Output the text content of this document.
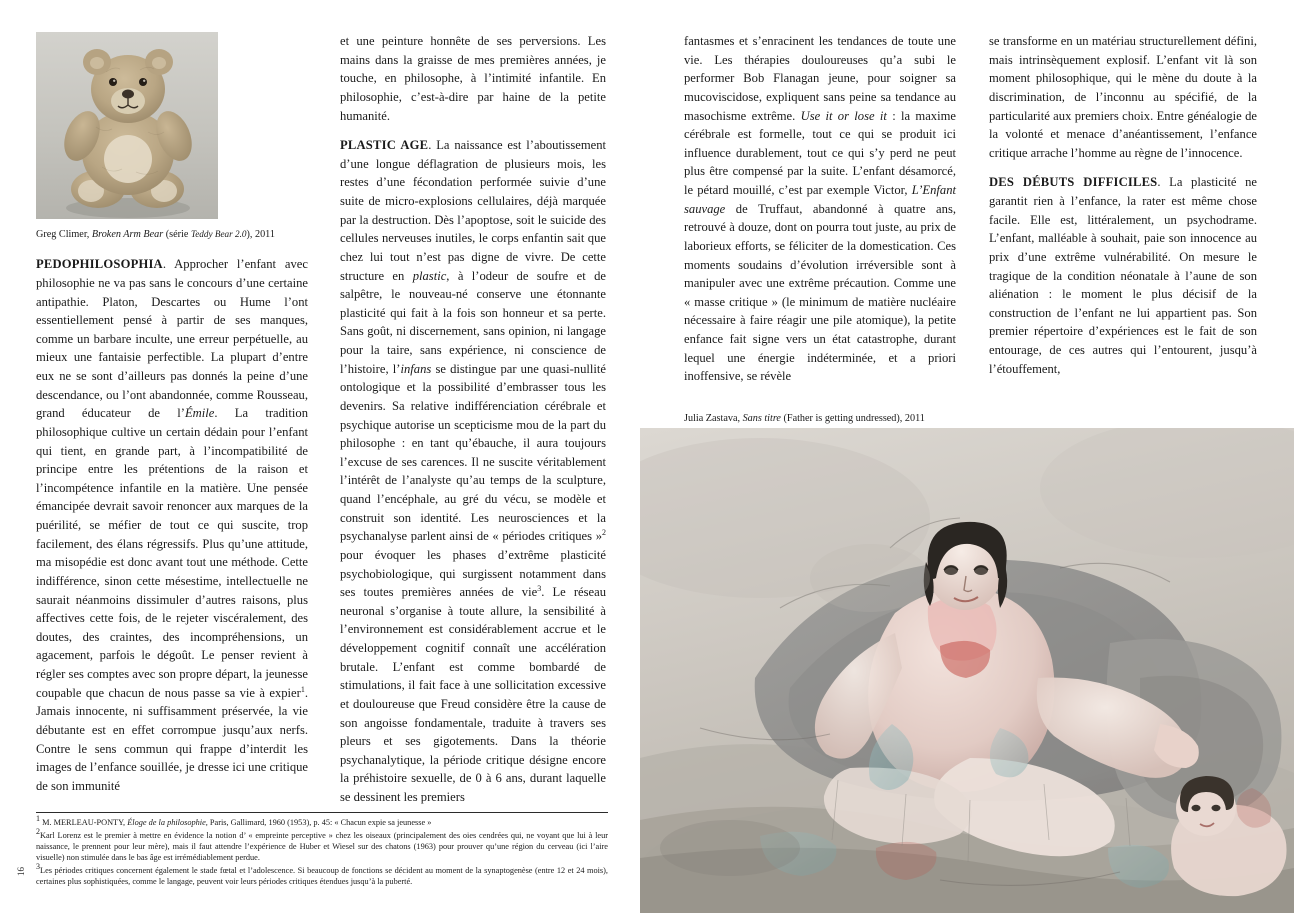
Greg Climer, Broken Arm Bear (série Teddy Bear 2.0), 2011

PEDOPHILOSOPHIA. Approcher l’enfant avec philosophie ne va pas sans le concours d’une certaine antipathie. Platon, Descartes ou Hume l’ont essentiellement pensé à partir de ses manques, comme un barbare inculte, une erreur perpétuelle, au mieux une fantaisie perfectible. La plupart d’entre eux ne se sont d’ailleurs pas donnés la peine d’une descendance, ou l’ont abandonnée, comme Rousseau, grand éducateur de l’Émile. La tradition philosophique cultive un certain dédain pour l’enfant qui tient, en grande part, à l’incompatibilité de principe entre les prétentions de la raison et l’incompétence infantile en la matière. Une pensée émancipée devrait savoir renoncer aux marques de la puérilité, se méfier de tout ce qui suscite, trop facilement, des élans régressifs. Plus qu’une attitude, ma misopédie est donc avant tout une méthode. Cette indifférence, sinon cette mésestime, intellectuelle ne saurait néanmoins dissimuler d’autres raisons, plus affectives cette fois, de le rejeter viscéralement, des doutes, des craintes, des incompréhensions, un agacement, parfois le dégoût. Le penser revient à régler ses comptes avec son propre départ, la jeunesse coupable que chacun de nous passe sa vie à expier$^1$. Jamais innocente, ni suffisamment préservée, la vie débutante est en effet corrompue jusqu’aux nerfs. Contre le sens commun qui frappe d’interdit les images de l’enfance souillée, je dresse ici une critique de son immunité

et une peinture honnête de ses perversions. Les mains dans la graisse de mes premières années, je touche, en philosophe, à l’intimité infantile. En philosophie, c’est-à-dire par haine de la petite humanité.

PLASTIC AGE. La naissance est l’aboutissement d’une longue déflagration de plusieurs mois, les restes d’une fécondation performée suivie d’une suite de micro-explosions cellulaires, déjà marquée par la destruction. Dès l’apoptose, soit le suicide des cellules nerveuses inutiles, le corps enfantin sait que chez lui tout n’est pas digne de vivre. De cette structure en plastic, à l’odeur de soufre et de salpêtre, le nouveau-né conserve une étonnante plasticité qui fait à la fois son honneur et sa perte. Sans goût, ni discernement, sans opinion, ni langage pour la taire, sans expérience, ni conscience de l’histoire, l’infans se distingue par une quasi-nullité ontologique et la possibilité d’embrasser tous les devenirs. Sa relative indifférenciation cérébrale et psychique autorise un scepticisme mou de la part du philosophe : en tant qu’ébauche, il aura toujours l’excuse de ses carences. Il ne suscite véritablement l’intérêt de l’analyste qu’au temps de la sculpture, quand l’encéphale, au gré du vécu, se modèle et construit son identité. Les neurosciences et la psychanalyse parlent ainsi de « périodes critiques »$^2$ pour évoquer les phases d’extrême plasticité psychobiologique, qui surgissent notamment dans ses toutes premières années de vie$^3$. Le réseau neuronal s’organise à toute allure, la sensibilité à l’environnement est considérablement accrue et le développement cognitif connaît une accélération brutale. L’enfant est comme bombardé de stimulations, il fait face à une sollicitation excessive et douloureuse que Freud considère être la cause de son angoisse fondamentale, traduite à travers ses pleurs et ses gigotements. Dans la théorie psychanalytique, la période critique désigne encore la préhistoire sexuelle, de 0 à 6 ans, durant laquelle se dessinent les premiers

fantasmes et s’enracinent les tendances de toute une vie. Les thérapies douloureuses qu’a subi le performer Bob Flanagan jeune, pour soigner sa mucoviscidose, expliquent sans peine sa tendance au masochisme extrême. Use it or lose it : la maxime cérébrale est formelle, tout ce qui se produit ici influence durablement, tout ce qui s’y perd ne peut plus être compensé par la suite. L’enfant désamorcé, le pétard mouillé, c’est par exemple Victor, L’Enfant sauvage de Truffaut, abandonné à quatre ans, retrouvé à douze, dont on pourra tout juste, au prix de laborieux efforts, se féliciter de la domestication. Ces moments soudains d’évolution irréversible sont à manipuler avec une extrême précaution. Comme une « masse critique » (le minimum de matière nucléaire nécessaire à faire réagir une pile atomique), la petite enfance fait signe vers un état catastrophe, durant lequel une énergie indéterminée, et a priori inoffensive, se révèle

se transforme en un matériau structurellement défini, mais intrinsèquement explosif. L’enfant vit là son moment philosophique, qui le mène du doute à la discrimination, de l’inconnu au spécifié, de la particularité aux premiers choix. Entre généalogie de la volonté et menace d’anéantissement, l’enfance critique arrache l’homme au règne de l’innocence.

DES DÉBUTS DIFFICILES. La plasticité ne garantit rien à l’enfance, la rater est même chose facile. Elle est, littéralement, un psychodrame. L’enfant, malléable à souhait, paie son innocence au prix d’une extrême vulnérabilité. On mesure le tragique de la condition néonatale à l’aune de son aliénation : le moment le plus décisif de la construction de l’enfant ne lui appartient pas. Son premier répertoire d’expériences est le fait de son entourage, de ces autres qui l’entourent, jusqu’à l’étouffement,

Julia Zastava, Sans titre (Father is getting undressed), 2011

$^1$ M. MERLEAU-PONTY, Éloge de la philosophie, Paris, Gallimard, 1960 (1953), p. 45: « Chacun expie sa jeunesse »

$^2$Karl Lorenz est le premier à mettre en évidence la notion d’ « empreinte perceptive » chez les oiseaux (principalement des oies cendrées qui, ne voyant que lui à leur naissance, le prennent pour leur mère), mais il faut attendre l’expérience de Huber et Wiesel sur des chatons (1963) pour prouver qu’une région du cerveau (ici l’aire visuelle) non stimulée dans le bas âge est irrémédiablement perdue.

$^3$Les périodes critiques concernent également le stade fœtal et l’adolescence. Si beaucoup de fonctions se décident au moment de la synaptogenèse (entre 12 et 24 mois), certaines plus sophistiquées, comme le langage, peuvent voir leurs périodes critiques étendues jusqu’à la puberté.

16
